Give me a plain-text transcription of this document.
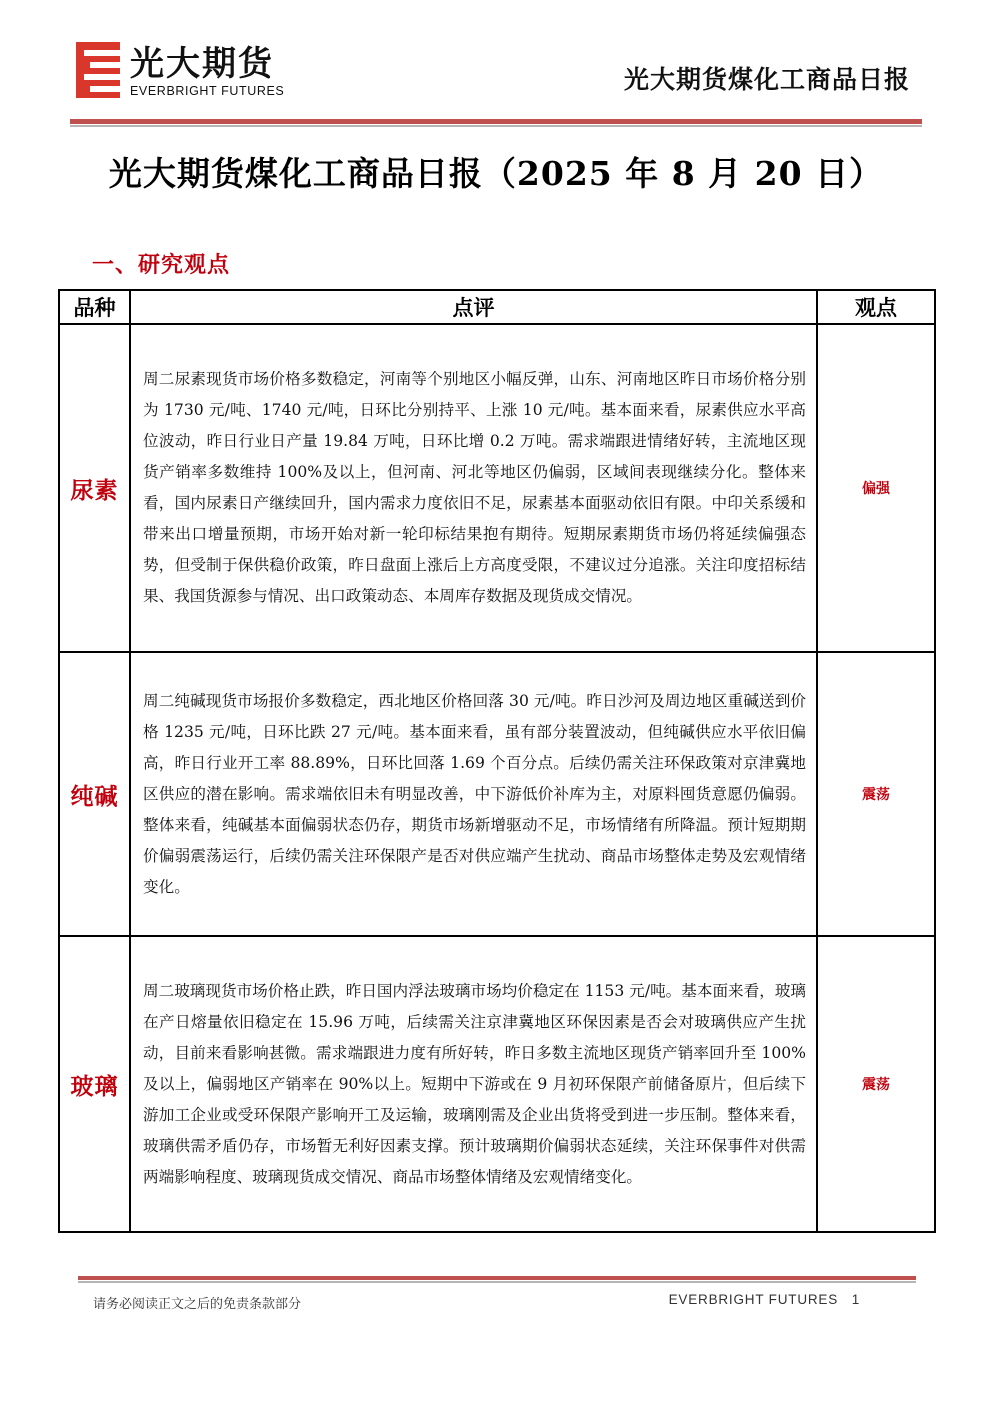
光大期货
EVERBRIGHT FUTURES	光大期货煤化工商品日报
光大期货煤化工商品日报（2025 年 8 月 20 日）
一、研究观点
品种	点评	观点
尿素	周二尿素现货市场价格多数稳定，河南等个别地区小幅反弹，山东、河南地区昨日市场价格分别为 1730 元/吨、1740 元/吨，日环比分别持平、上涨 10 元/吨。基本面来看，尿素供应水平高位波动，昨日行业日产量 19.84 万吨，日环比增 0.2 万吨。需求端跟进情绪好转，主流地区现货产销率多数维持 100%及以上，但河南、河北等地区仍偏弱，区域间表现继续分化。整体来看，国内尿素日产继续回升，国内需求力度依旧不足，尿素基本面驱动依旧有限。中印关系缓和带来出口增量预期，市场开始对新一轮印标结果抱有期待。短期尿素期货市场仍将延续偏强态势，但受制于保供稳价政策，昨日盘面上涨后上方高度受限，不建议过分追涨。关注印度招标结果、我国货源参与情况、出口政策动态、本周库存数据及现货成交情况。	偏强
纯碱	周二纯碱现货市场报价多数稳定，西北地区价格回落 30 元/吨。昨日沙河及周边地区重碱送到价格 1235 元/吨，日环比跌 27 元/吨。基本面来看，虽有部分装置波动，但纯碱供应水平依旧偏高，昨日行业开工率 88.89%，日环比回落 1.69 个百分点。后续仍需关注环保政策对京津冀地区供应的潜在影响。需求端依旧未有明显改善，中下游低价补库为主，对原料囤货意愿仍偏弱。整体来看，纯碱基本面偏弱状态仍存，期货市场新增驱动不足，市场情绪有所降温。预计短期期价偏弱震荡运行，后续仍需关注环保限产是否对供应端产生扰动、商品市场整体走势及宏观情绪变化。	震荡
玻璃	周二玻璃现货市场价格止跌，昨日国内浮法玻璃市场均价稳定在 1153 元/吨。基本面来看，玻璃在产日熔量依旧稳定在 15.96 万吨，后续需关注京津冀地区环保因素是否会对玻璃供应产生扰动，目前来看影响甚微。需求端跟进力度有所好转，昨日多数主流地区现货产销率回升至 100%及以上，偏弱地区产销率在 90%以上。短期中下游或在 9 月初环保限产前储备原片，但后续下游加工企业或受环保限产影响开工及运输，玻璃刚需及企业出货将受到进一步压制。整体来看，玻璃供需矛盾仍存，市场暂无利好因素支撑。预计玻璃期价偏弱状态延续，关注环保事件对供需两端影响程度、玻璃现货成交情况、商品市场整体情绪及宏观情绪变化。	震荡
请务必阅读正文之后的免责条款部分	EVERBRIGHT FUTURES 1
